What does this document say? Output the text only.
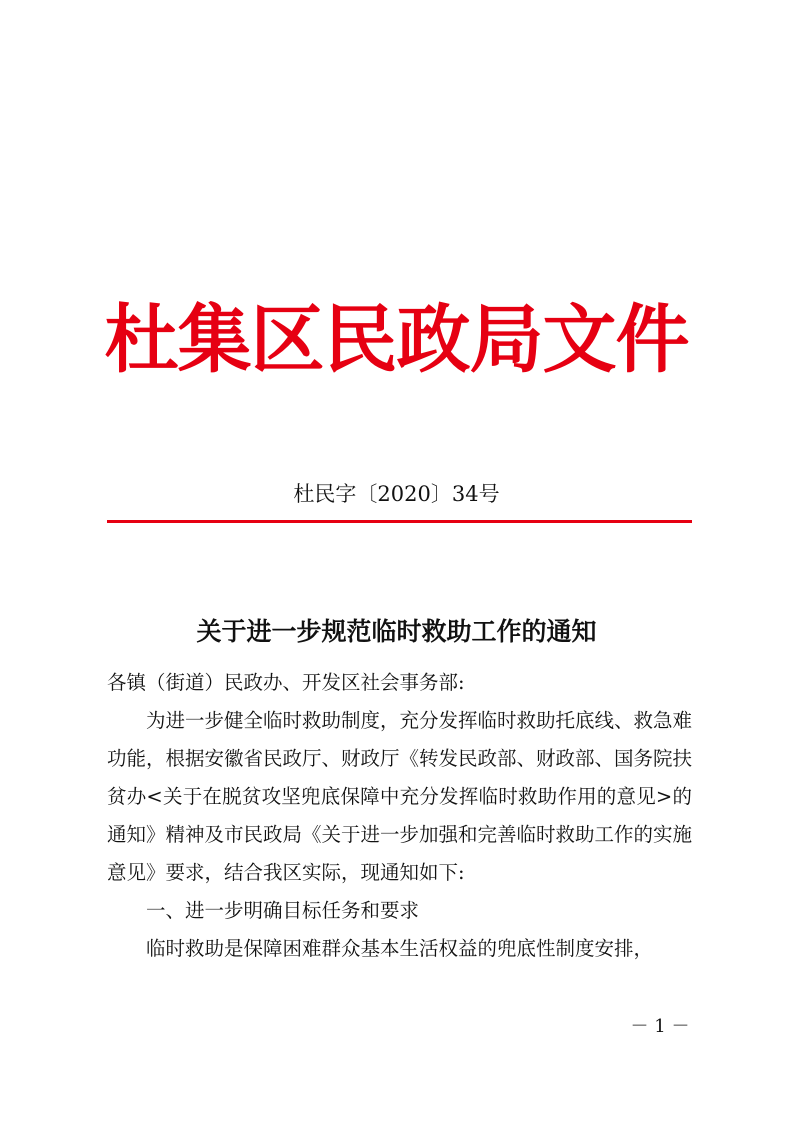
杜集区民政局文件
杜民字〔2020〕34号
关于进一步规范临时救助工作的通知

各镇（街道）民政办、开发区社会事务部:

为进一步健全临时救助制度，充分发挥临时救助托底线、救急难功能，根据安徽省民政厅、财政厅《转发民政部、财政部、国务院扶贫办<关于在脱贫攻坚兜底保障中充分发挥临时救助作用的意见>的通知》精神及市民政局《关于进一步加强和完善临时救助工作的实施意见》要求，结合我区实际，现通知如下:

一、进一步明确目标任务和要求

临时救助是保障困难群众基本生活权益的兜底性制度安排，

－ 1 －
